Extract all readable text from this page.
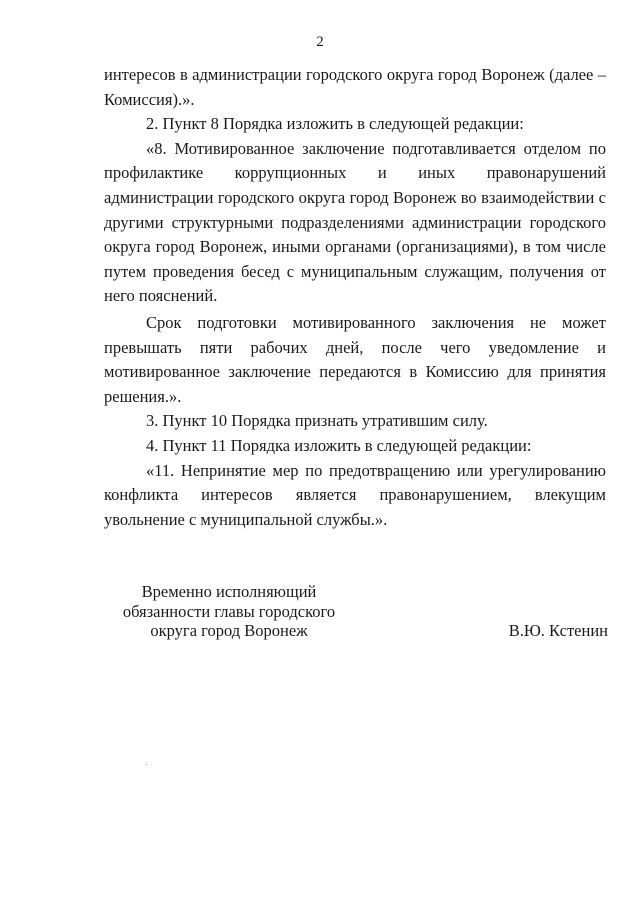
2

интересов в администрации городского округа город Воронеж (далее – Комиссия).».

2. Пункт 8 Порядка изложить в следующей редакции:

«8. Мотивированное заключение подготавливается отделом по профилактике коррупционных и иных правонарушений администрации городского округа город Воронеж во взаимодействии с другими структурными подразделениями администрации городского округа город Воронеж, иными органами (организациями), в том числе путем проведения бесед с муниципальным служащим, получения от него пояснений.

Срок подготовки мотивированного заключения не может превышать пяти рабочих дней, после чего уведомление и мотивированное заключение передаются в Комиссию для принятия решения.».

3. Пункт 10 Порядка признать утратившим силу.

4. Пункт 11 Порядка изложить в следующей редакции:

«11. Непринятие мер по предотвращению или урегулированию конфликта интересов является правонарушением, влекущим увольнение с муниципальной службы.».

Временно исполняющий
обязанности главы городского
округа город Воронеж	В.Ю. Кстенин
